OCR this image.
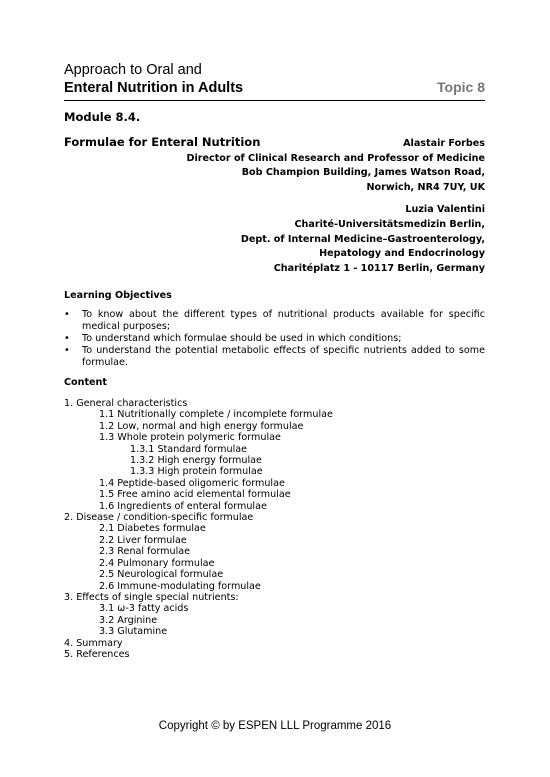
Approach to Oral and
Enteral Nutrition in Adults	Topic 8
Module 8.4.
Formulae for Enteral Nutrition	Alastair Forbes
Director of Clinical Research and Professor of Medicine
Bob Champion Building, James Watson Road,
Norwich, NR4 7UY, UK
Luzia Valentini
Charité-Universitätsmedizin Berlin,
Dept. of Internal Medicine–Gastroenterology,
Hepatology and Endocrinology
Charitéplatz 1 - 10117 Berlin, Germany
Learning Objectives
• To know about the different types of nutritional products available for specific medical purposes;
• To understand which formulae should be used in which conditions;
• To understand the potential metabolic effects of specific nutrients added to some formulae.
Content
1. General characteristics
1.1 Nutritionally complete / incomplete formulae
1.2 Low, normal and high energy formulae
1.3 Whole protein polymeric formulae
1.3.1 Standard formulae
1.3.2 High energy formulae
1.3.3 High protein formulae
1.4 Peptide-based oligomeric formulae
1.5 Free amino acid elemental formulae
1.6 Ingredients of enteral formulae
2. Disease / condition-specific formulae
2.1 Diabetes formulae
2.2 Liver formulae
2.3 Renal formulae
2.4 Pulmonary formulae
2.5 Neurological formulae
2.6 Immune-modulating formulae
3. Effects of single special nutrients:
3.1 ω-3 fatty acids
3.2 Arginine
3.3 Glutamine
4. Summary
5. References
Copyright © by ESPEN LLL Programme 2016
